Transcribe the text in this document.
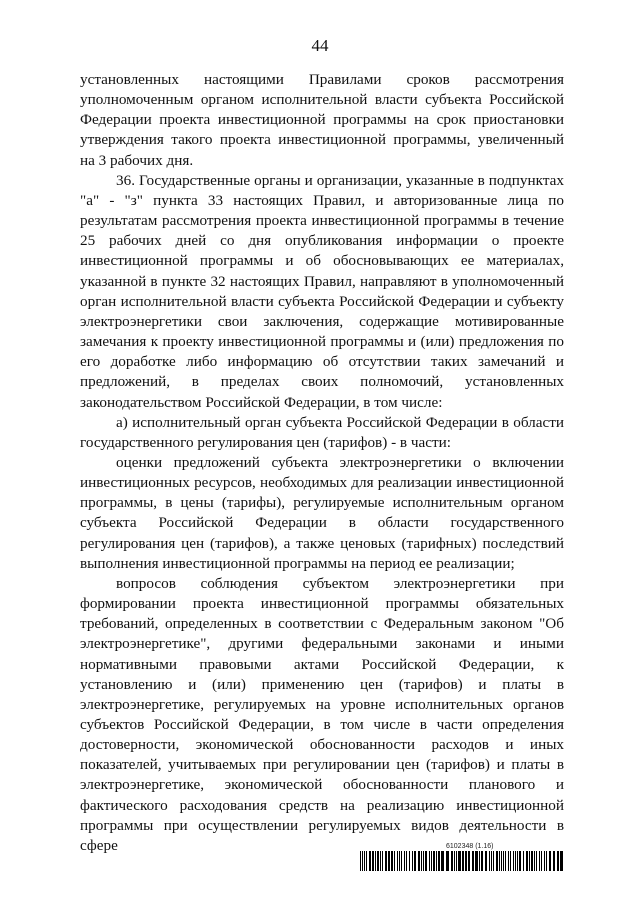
44

установленных настоящими Правилами сроков рассмотрения уполномоченным органом исполнительной власти субъекта Российской Федерации проекта инвестиционной программы на срок приостановки утверждения такого проекта инвестиционной программы, увеличенный на 3 рабочих дня.

36. Государственные органы и организации, указанные в подпунктах "а" - "з" пункта 33 настоящих Правил, и авторизованные лица по результатам рассмотрения проекта инвестиционной программы в течение 25 рабочих дней со дня опубликования информации о проекте инвестиционной программы и об обосновывающих ее материалах, указанной в пункте 32 настоящих Правил, направляют в уполномоченный орган исполнительной власти субъекта Российской Федерации и субъекту электроэнергетики свои заключения, содержащие мотивированные замечания к проекту инвестиционной программы и (или) предложения по его доработке либо информацию об отсутствии таких замечаний и предложений, в пределах своих полномочий, установленных законодательством Российской Федерации, в том числе:

а) исполнительный орган субъекта Российской Федерации в области государственного регулирования цен (тарифов) - в части:

оценки предложений субъекта электроэнергетики о включении инвестиционных ресурсов, необходимых для реализации инвестиционной программы, в цены (тарифы), регулируемые исполнительным органом субъекта Российской Федерации в области государственного регулирования цен (тарифов), а также ценовых (тарифных) последствий выполнения инвестиционной программы на период ее реализации;

вопросов соблюдения субъектом электроэнергетики при формировании проекта инвестиционной программы обязательных требований, определенных в соответствии с Федеральным законом "Об электроэнергетике", другими федеральными законами и иными нормативными правовыми актами Российской Федерации, к установлению и (или) применению цен (тарифов) и платы в электроэнергетике, регулируемых на уровне исполнительных органов субъектов Российской Федерации, в том числе в части определения достоверности, экономической обоснованности расходов и иных показателей, учитываемых при регулировании цен (тарифов) и платы в электроэнергетике, экономической обоснованности планового и фактического расходования средств на реализацию инвестиционной программы при осуществлении регулируемых видов деятельности в сфере	6102348 (1.16)
